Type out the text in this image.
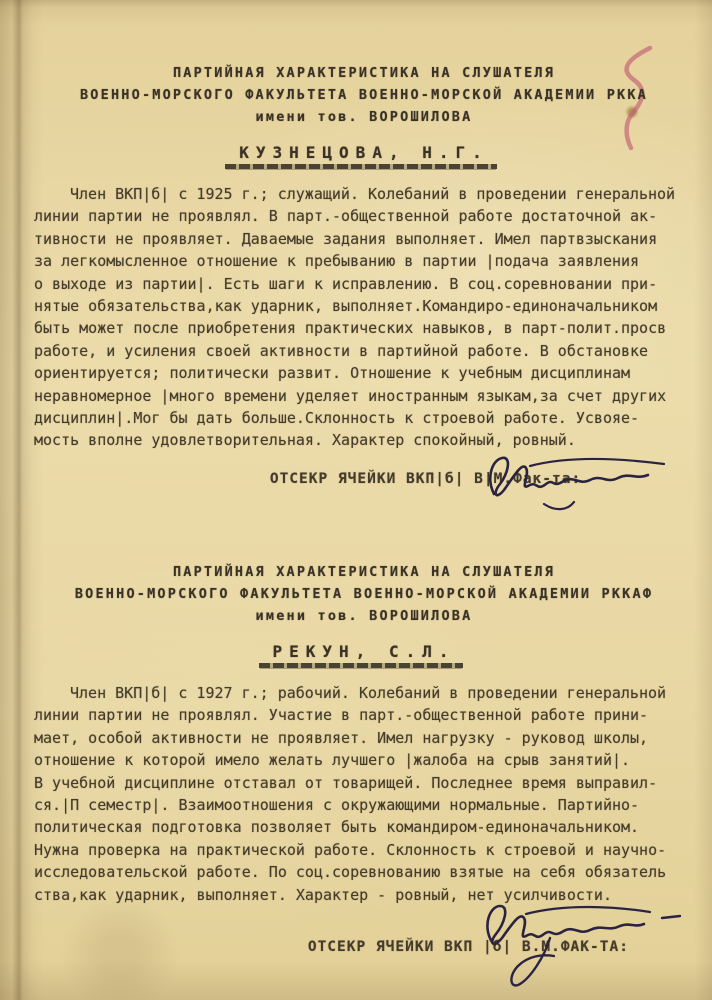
ПАРТИЙНАЯ ХАРАКТЕРИСТИКА НА СЛУШАТЕЛЯ
ВОЕННО-МОРСКОГО ФАКУЛЬТЕТА ВОЕННО-МОРСКОЙ АКАДЕМИИ РККА
имени тов. ВОРОШИЛОВА
КУЗНЕЦОВА, Н.Г.
Член ВКП|б| с 1925 г.; служащий. Колебаний в проведении генеральной
линии партии не проявлял. В парт.-общественной работе достаточной ак-
тивности не проявляет. Даваемые задания выполняет. Имел партвзыскания
за легкомысленное отношение к пребыванию в партии |подача заявления
о выходе из партии|. Есть шаги к исправлению. В соц.соревновании при-
нятые обязательства,как ударник, выполняет.Командиро-единоначальником
быть может после приобретения практических навыков, в парт-полит.просв
работе, и усиления своей активности в партийной работе. В обстановке
ориентируется; политически развит. Отношение к учебным дисциплинам
неравномерное |много времени уделяет иностранным языкам,за счет других
дисциплин|.Мог бы дать больше.Склонность к строевой работе. Усвояе-
мость вполне удовлетворительная. Характер спокойный, ровный.

ОТСЕКР ЯЧЕЙКИ ВКП|б| В|М.Фак-та:

ПАРТИЙНАЯ ХАРАКТЕРИСТИКА НА СЛУШАТЕЛЯ
ВОЕННО-МОРСКОГО ФАКУЛЬТЕТА ВОЕННО-МОРСКОЙ АКАДЕМИИ РККАФ
имени тов. ВОРОШИЛОВА
РЕКУН, С.Л.
Член ВКП|б| с 1927 г.; рабочий. Колебаний в проведении генеральной
линии партии не проявлял. Участие в парт.-общественной работе прини-
мает, особой активности не проявляет. Имел нагрузку - руковод школы,
отношение к которой имело желать лучшего |жалоба на срыв занятий|.
В учебной дисциплине отставал от товарищей. Последнее время выправил-
ся.|П семестр|. Взаимоотношения с окружающими нормальные. Партийно-
политическая подготовка позволяет быть командиром-единоначальником.
Нужна проверка на практической работе. Склонность к строевой и научно-
исследовательской работе. По соц.соревнованию взятые на себя обязатель
ства,как ударник, выполняет. Характер - ровный, нет усилчивости.

ОТСЕКР ЯЧЕЙКИ ВКП |б| В.М.ФАК-ТА:
